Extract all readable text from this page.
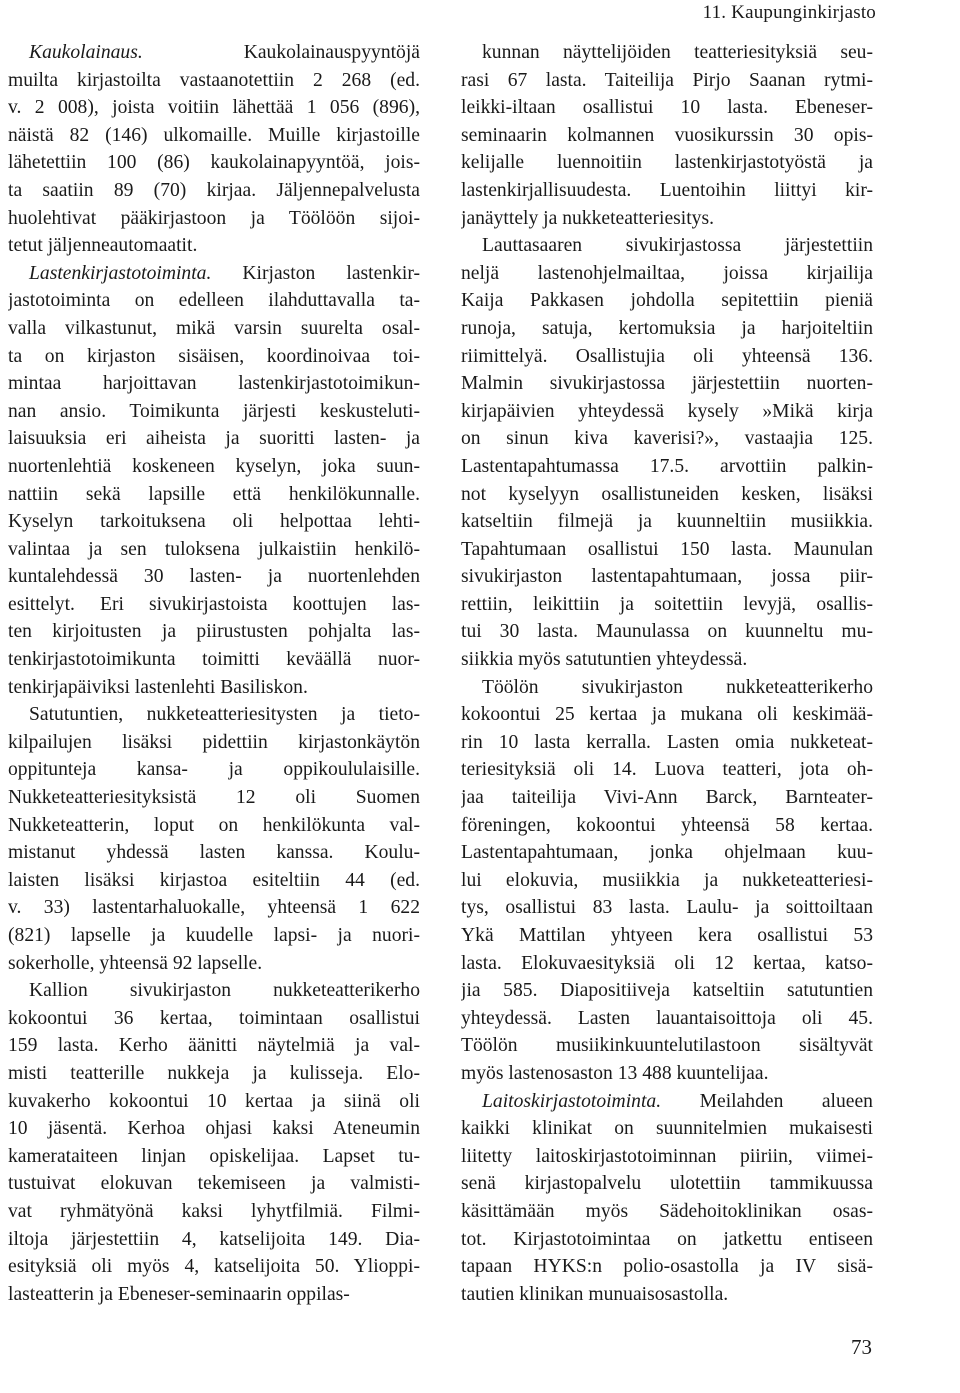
11. Kaupunginkirjasto

Kaukolainaus.	Kaukolainauspyyntöjä
muilta kirjastoilta vastaanotettiin 2 268 (ed.
v. 2 008), joista voitiin lähettää 1 056 (896),
näistä 82 (146) ulkomaille. Muille kirjastoille
lähetettiin 100 (86) kaukolainapyyntöä, jois-
ta saatiin 89 (70) kirjaa. Jäljennepalvelusta
huolehtivat pääkirjastoon ja Töölöön sijoi-
tetut jäljenneautomaatit.

Lastenkirjastotoiminta. Kirjaston lastenkir-
jastotoiminta on edelleen ilahduttavalla ta-
valla vilkastunut, mikä varsin suurelta osal-
ta on kirjaston sisäisen, koordinoivaa toi-
mintaa harjoittavan lastenkirjastotoimikun-
nan ansio. Toimikunta järjesti keskusteluti-
laisuuksia eri aiheista ja suoritti lasten- ja
nuortenlehtiä koskeneen kyselyn, joka suun-
nattiin sekä lapsille että henkilökunnalle.
Kyselyn tarkoituksena oli helpottaa lehti-
valintaa ja sen tuloksena julkaistiin henkilö-
kuntalehdessä 30 lasten- ja nuortenlehden
esittelyt. Eri sivukirjastoista koottujen las-
ten kirjoitusten ja piirustusten pohjalta las-
tenkirjastotoimikunta toimitti keväällä nuor-
tenkirjapäiviksi lastenlehti Basiliskon.

Satutuntien, nukketeatteriesitysten ja tieto-
kilpailujen lisäksi pidettiin kirjastonkäytön
oppitunteja kansa- ja oppikoululaisille.
Nukketeatteriesityksistä 12 oli Suomen
Nukketeatterin, loput on henkilökunta val-
mistanut yhdessä lasten kanssa. Koulu-
laisten lisäksi kirjastoa esiteltiin 44 (ed.
v. 33) lastentarhaluokalle, yhteensä 1 622
(821) lapselle ja kuudelle lapsi- ja nuori-
sokerholle, yhteensä 92 lapselle.

Kallion sivukirjaston nukketeatterikerho
kokoontui 36 kertaa, toimintaan osallistui
159 lasta. Kerho äänitti näytelmiä ja val-
misti teatterille nukkeja ja kulisseja. Elo-
kuvakerho kokoontui 10 kertaa ja siinä oli
10 jäsentä. Kerhoa ohjasi kaksi Ateneumin
kamerataiteen linjan opiskelijaa. Lapset tu-
tustuivat elokuvan tekemiseen ja valmisti-
vat ryhmätyönä kaksi lyhytfilmiä. Filmi-
iltoja järjestettiin 4, katselijoita 149. Dia-
esityksiä oli myös 4, katselijoita 50. Ylioppi-
lasteatterin ja Ebeneser-seminaarin oppilas-

kunnan näyttelijöiden teatteriesityksiä seu-
rasi 67 lasta. Taiteilija Pirjo Saanan rytmi-
leikki-iltaan osallistui 10 lasta. Ebeneser-
seminaarin kolmannen vuosikurssin 30 opis-
kelijalle luennoitiin lastenkirjastotyöstä ja
lastenkirjallisuudesta. Luentoihin liittyi kir-
janäyttely ja nukketeatteriesitys.

Lauttasaaren sivukirjastossa järjestettiin
neljä lastenohjelmailtaa, joissa kirjailija
Kaija Pakkasen johdolla sepitettiin pieniä
runoja, satuja, kertomuksia ja harjoiteltiin
riimittelyä. Osallistujia oli yhteensä 136.
Malmin sivukirjastossa järjestettiin nuorten-
kirjapäivien yhteydessä kysely »Mikä kirja
on sinun kiva kaverisi?», vastaajia 125.
Lastentapahtumassa 17.5. arvottiin palkin-
not kyselyyn osallistuneiden kesken, lisäksi
katseltiin filmejä ja kuunneltiin musiikkia.
Tapahtumaan osallistui 150 lasta. Maunulan
sivukirjaston lastentapahtumaan, jossa piir-
rettiin, leikittiin ja soitettiin levyjä, osallis-
tui 30 lasta. Maunulassa on kuunneltu mu-
siikkia myös satutuntien yhteydessä.

Töölön sivukirjaston nukketeatterikerho
kokoontui 25 kertaa ja mukana oli keskimää-
rin 10 lasta kerralla. Lasten omia nukketeat-
teriesityksiä oli 14. Luova teatteri, jota oh-
jaa taiteilija Vivi-Ann Barck, Barnteater-
föreningen, kokoontui yhteensä 58 kertaa.
Lastentapahtumaan, jonka ohjelmaan kuu-
lui elokuvia, musiikkia ja nukketeatteriesi-
tys, osallistui 83 lasta. Laulu- ja soittoiltaan
Ykä Mattilan yhtyeen kera osallistui 53
lasta. Elokuvaesityksiä oli 12 kertaa, katso-
jia 585. Diapositiiveja katseltiin satutuntien
yhteydessä. Lasten lauantaisoittoja oli 45.
Töölön musiikinkuuntelutilastoon sisältyvät
myös lastenosaston 13 488 kuuntelijaa.

Laitoskirjastotoiminta. Meilahden alueen
kaikki klinikat on suunnitelmien mukaisesti
liitetty laitoskirjastotoiminnan piiriin, viimei-
senä kirjastopalvelu ulotettiin tammikuussa
käsittämään myös Sädehoitoklinikan osas-
tot. Kirjastotoimintaa on jatkettu entiseen
tapaan HYKS:n polio-osastolla ja IV sisä-
tautien klinikan munuaisosastolla.

73
